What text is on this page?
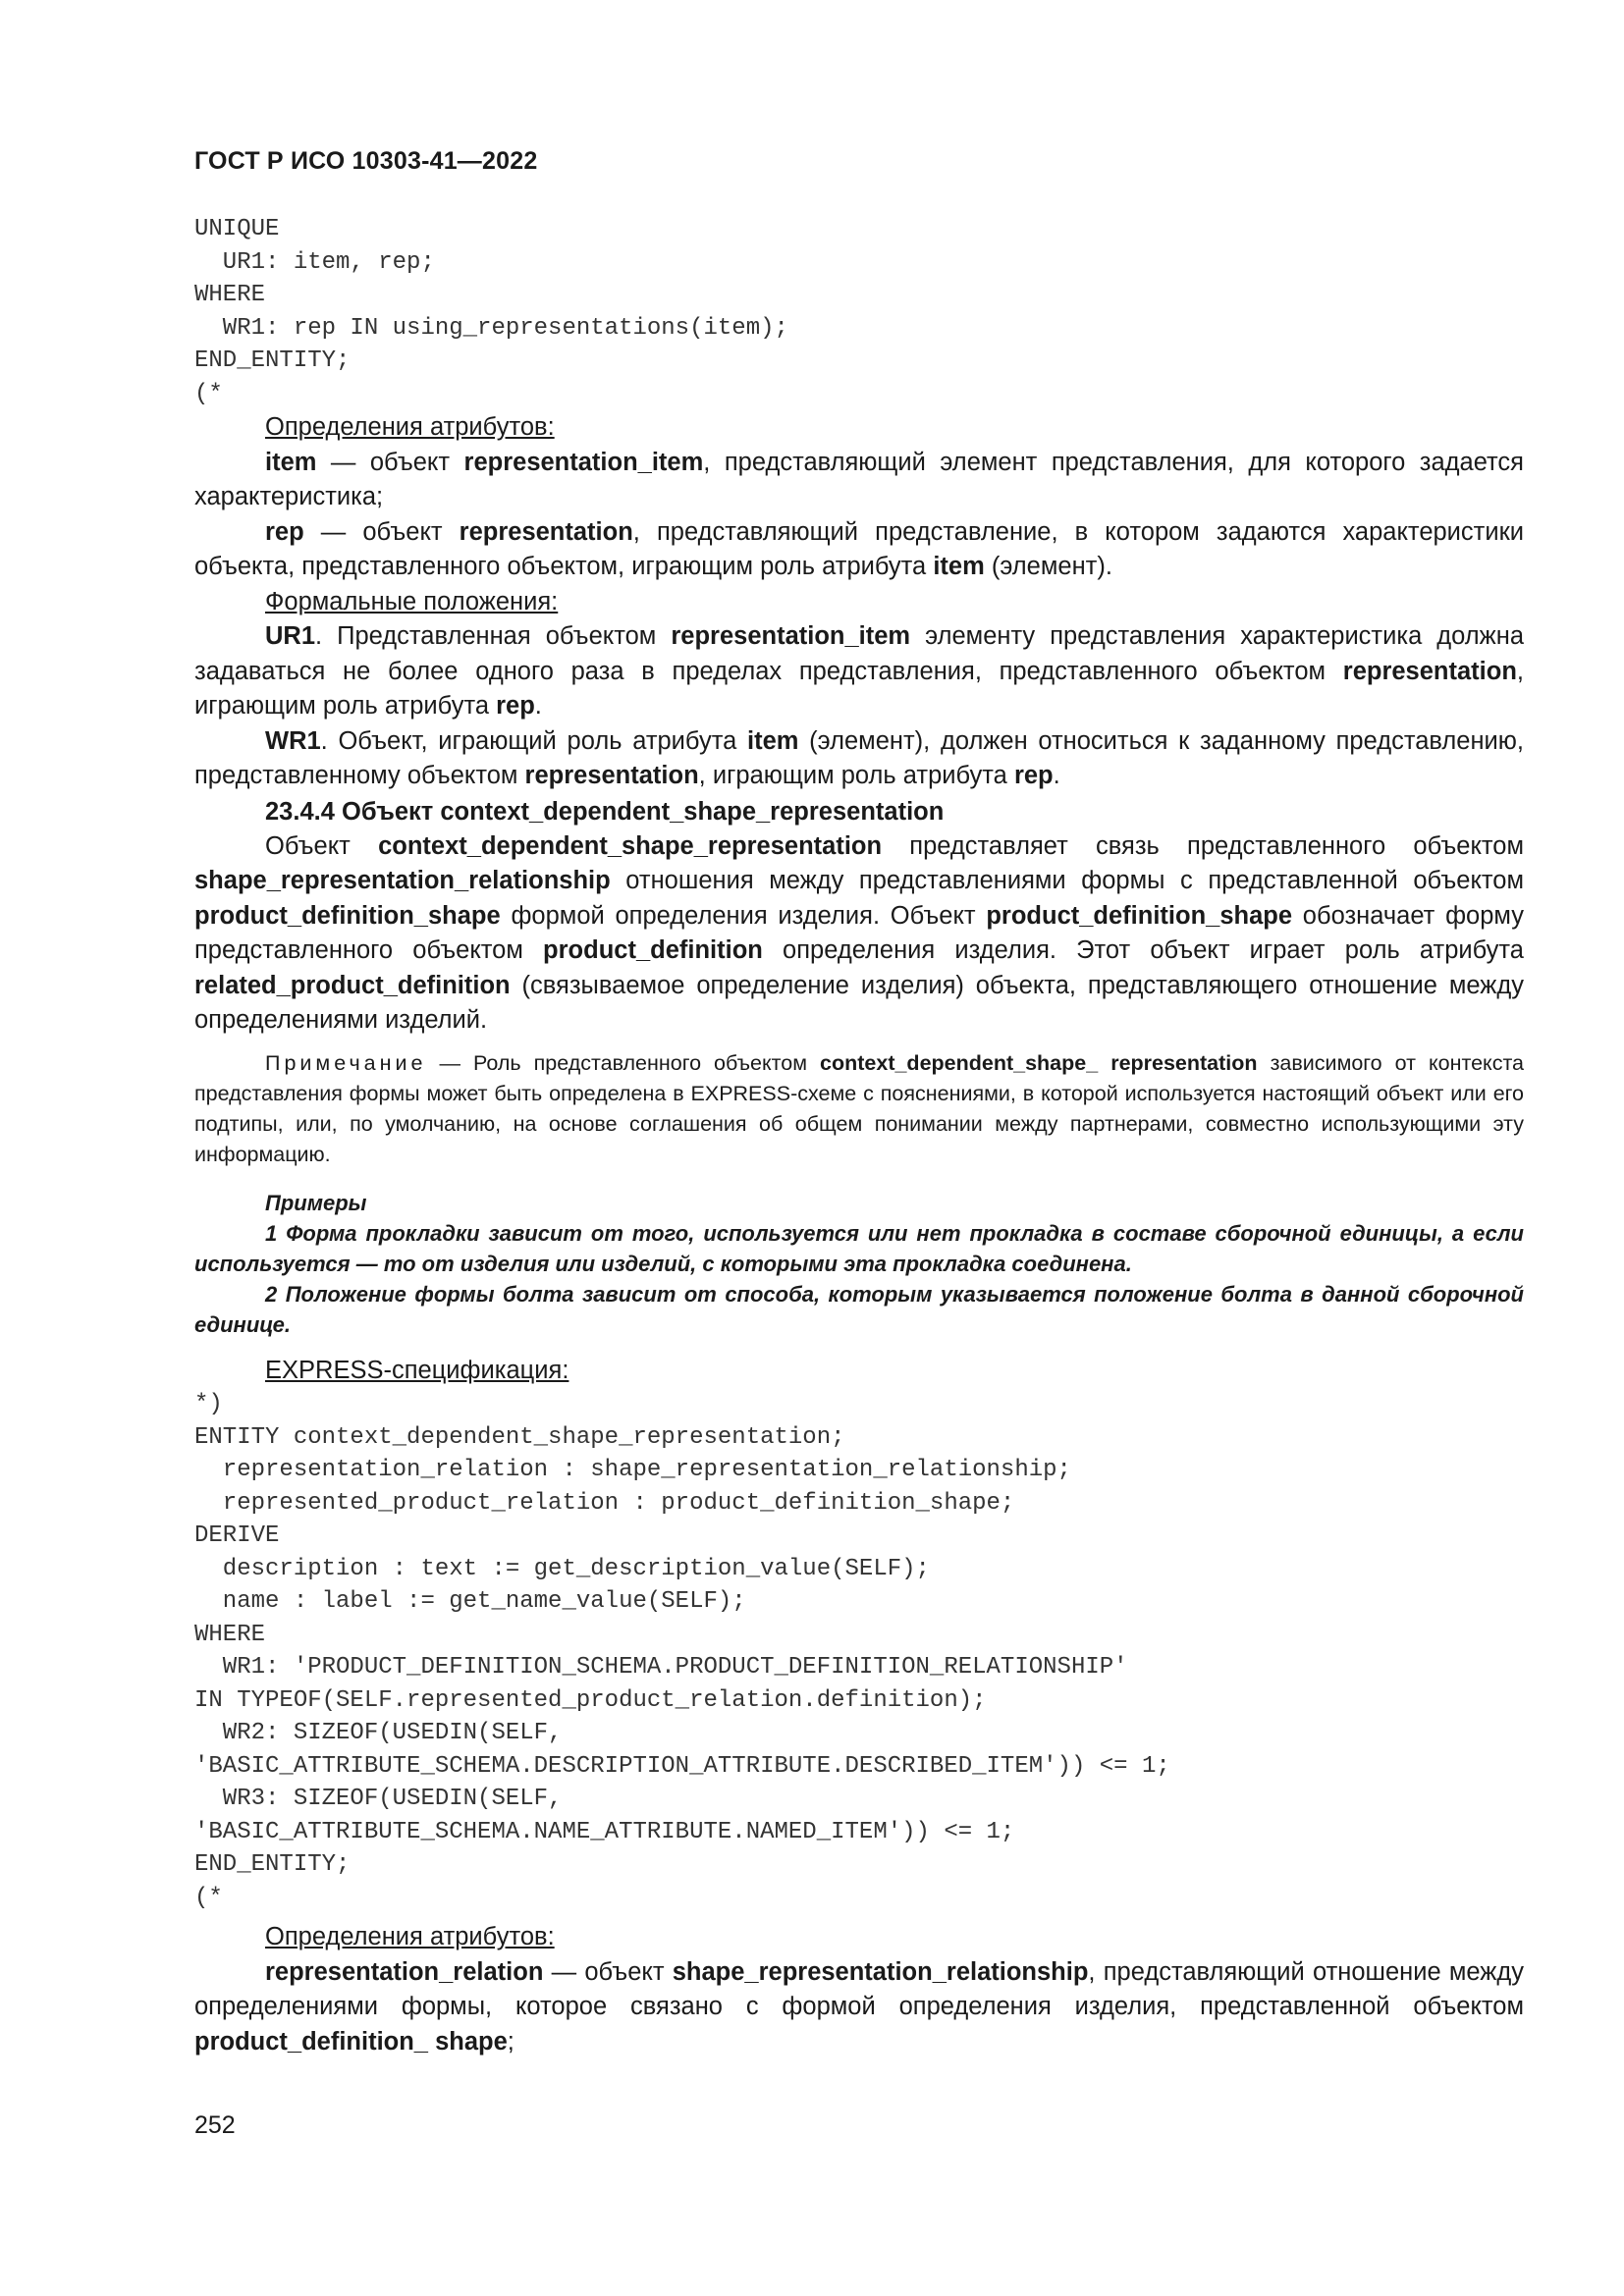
ГОСТ Р ИСО 10303-41—2022
UNIQUE
UR1: item, rep;
WHERE
WR1: rep IN using_representations(item);
END_ENTITY;
(*

Определения атрибутов:

item — объект representation_item, представляющий элемент представления, для которого задается характеристика;

rep — объект representation, представляющий представление, в котором задаются характеристики объекта, представленного объектом, играющим роль атрибута item (элемент).

Формальные положения:

UR1. Представленная объектом representation_item элементу представления характеристика должна задаваться не более одного раза в пределах представления, представленного объектом representation, играющим роль атрибута rep.

WR1. Объект, играющий роль атрибута item (элемент), должен относиться к заданному представлению, представленному объектом representation, играющим роль атрибута rep.

23.4.4 Объект context_dependent_shape_representation

Объект context_dependent_shape_representation представляет связь представленного объектом shape_representation_relationship отношения между представлениями формы с представленной объектом product_definition_shape формой определения изделия. Объект product_definition_shape обозначает форму представленного объектом product_definition определения изделия. Этот объект играет роль атрибута related_product_definition (связываемое определение изделия) объекта, представляющего отношение между определениями изделий.

Примечание — Роль представленного объектом context_dependent_shape_ representation зависимого от контекста представления формы может быть определена в EXPRESS-схеме с пояснениями, в которой используется настоящий объект или его подтипы, или, по умолчанию, на основе соглашения об общем понимании между партнерами, совместно использующими эту информацию.

Примеры

1 Форма прокладки зависит от того, используется или нет прокладка в составе сборочной единицы, а если используется — то от изделия или изделий, с которыми эта прокладка соединена.

2 Положение формы болта зависит от способа, которым указывается положение болта в данной сборочной единице.

EXPRESS-спецификация:

*)
ENTITY context_dependent_shape_representation;
representation_relation : shape_representation_relationship;
represented_product_relation : product_definition_shape;
DERIVE
description : text := get_description_value(SELF);
name : label := get_name_value(SELF);
WHERE
WR1: 'PRODUCT_DEFINITION_SCHEMA.PRODUCT_DEFINITION_RELATIONSHIP'
IN TYPEOF(SELF.represented_product_relation.definition);
WR2: SIZEOF(USEDIN(SELF,
'BASIC_ATTRIBUTE_SCHEMA.DESCRIPTION_ATTRIBUTE.DESCRIBED_ITEM')) <= 1;
WR3: SIZEOF(USEDIN(SELF,
'BASIC_ATTRIBUTE_SCHEMA.NAME_ATTRIBUTE.NAMED_ITEM')) <= 1;
END_ENTITY;
(*

Определения атрибутов:

representation_relation — объект shape_representation_relationship, представляющий отношение между определениями формы, которое связано с формой определения изделия, представленной объектом product_definition_ shape;

252
